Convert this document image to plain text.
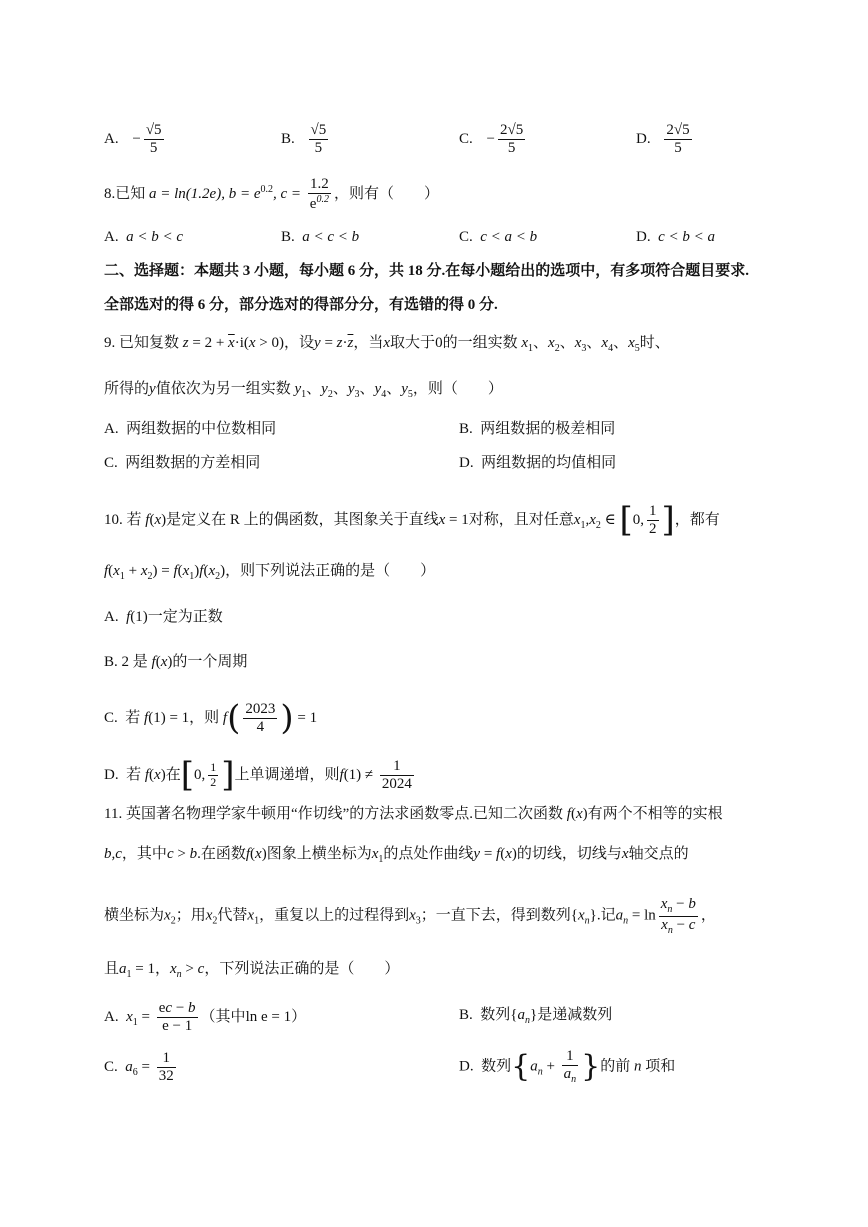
A. − $\frac{√5}{5}$	B. $\frac{√5}{5}$	C. − $\frac{2√5}{5}$	D. $\frac{2√5}{5}$
8.已知 a = ln(1.2e), $b = e^{0.2}$, $c = \frac{1.2}{e^{0.2}}$ ，则有（　　）
A.  a < b < c	B.  a < c < b	C.  c < a < b	D.  c < b < a
二、选择题：本题共 3 小题，每小题 6 分，共 18 分.在每小题给出的选项中，有多项符合题目要求.
全部选对的得 6 分，部分选对的得部分分，有选错的得 0 分.
9. 已知复数 $z = 2 + \overline{x}\cdot i(x > 0)$，设$y = z\cdot\overline{z}$，当x取大于0的一组实数 $x_1$、$x_2$、$x_3$、$x_4$、$x_5$时、
所得的y值依次为另一组实数 $y_1$、$y_2$、$y_3$、$y_4$、$y_5$，则（　　）
A.  两组数据的中位数相同	B.  两组数据的极差相同
C.  两组数据的方差相同	D.  两组数据的均值相同
10. 若 f(x)是定义在 R 上的偶函数，其图象关于直线x = 1对称，且对任意$x_1,x_2$ ∈ [0, $\frac{1}{2}$ ]，都有
$f(x_1 + x_2) = f(x_1)f(x_2)$，则下列说法正确的是（　　）
A.  f(1)一定为正数
B. 2 是 f(x)的一个周期
C.  若 f(1) = 1，则 $f( \frac{2023}{4}$ ) = 1
D.  若 f(x)在[0, $\frac{1}{2}$ ]上单调递增，则$f(1) \ne \frac{1}{2024}$
11. 英国著名物理学家牛顿用“作切线”的方法求函数零点.已知二次函数 f(x)有两个不相等的实根
b,c，其中c > b.在函数f(x)图象上横坐标为$x_1$的点处作曲线y = f(x)的切线，切线与x轴交点的
横坐标为$x_2$；用$x_2$代替$x_1$，重复以上的过程得到$x_3$；一直下去，得到数列$\{x_n\}$.记$a_n = \ln \frac{x_n - b}{x_n - c}$ ，
且$a_1 = 1$，$x_n > c$，下列说法正确的是（　　）
A.  $x_1 = \frac{ec - b}{e - 1}$ （其中ln e = 1）	B.  数列$\{a_n\}$是递减数列
C.  $a_6 = \frac{1}{32}$	D.  数列{$a_n + \frac{1}{a_n}$ }的前 n 项和
